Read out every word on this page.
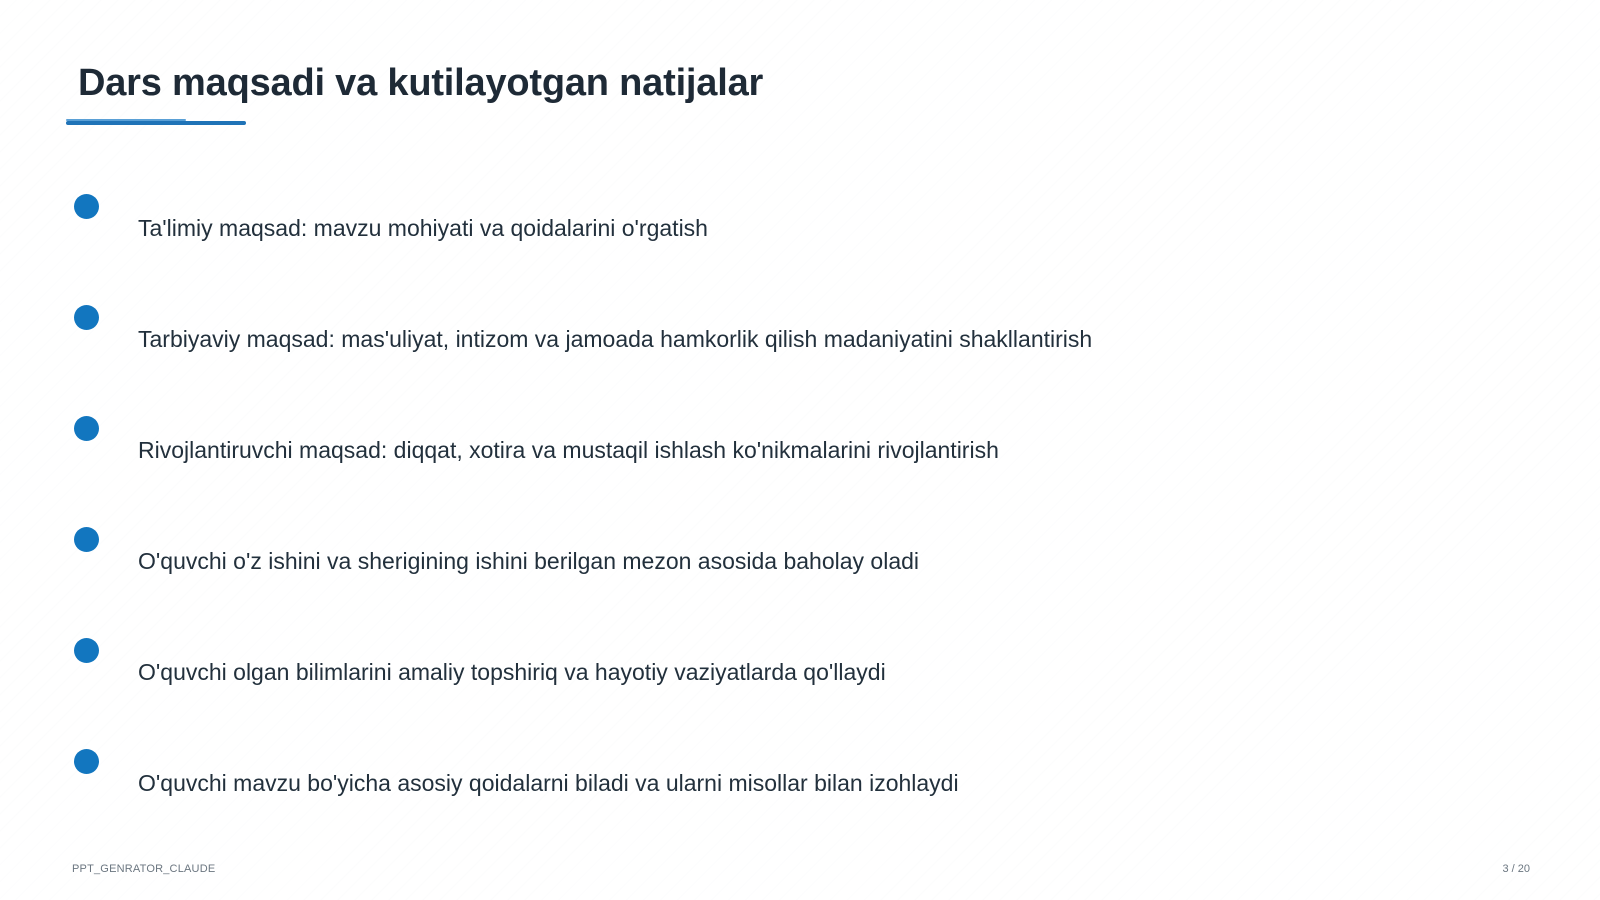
Dars maqsadi va kutilayotgan natijalar
Ta'limiy maqsad: mavzu mohiyati va qoidalarini o'rgatish
Tarbiyaviy maqsad: mas'uliyat, intizom va jamoada hamkorlik qilish madaniyatini shakllantirish
Rivojlantiruvchi maqsad: diqqat, xotira va mustaqil ishlash ko'nikmalarini rivojlantirish
O'quvchi o'z ishini va sherigining ishini berilgan mezon asosida baholay oladi
O'quvchi olgan bilimlarini amaliy topshiriq va hayotiy vaziyatlarda qo'llaydi
O'quvchi mavzu bo'yicha asosiy qoidalarni biladi va ularni misollar bilan izohlaydi
PPT_GENRATOR_CLAUDE	3 / 20
